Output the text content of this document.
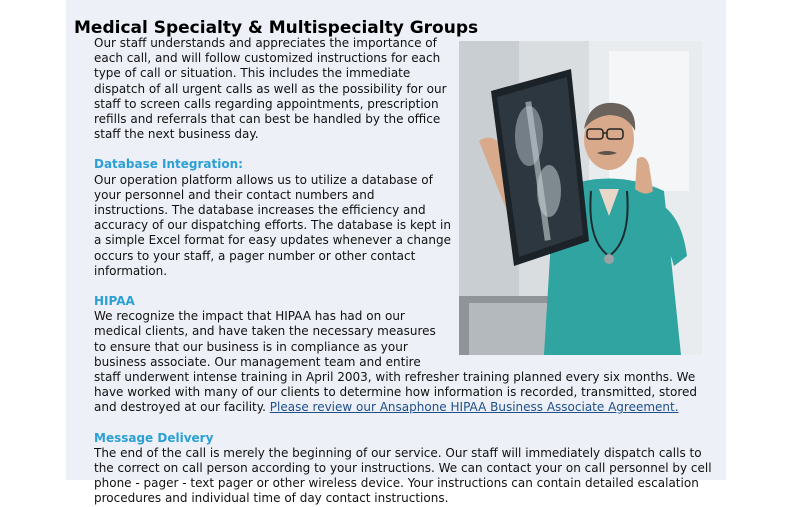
Medical Specialty & Multispecialty Groups

Our staff understands and appreciates the importance of each call, and will follow customized instructions for each type of call or situation. This includes the immediate dispatch of all urgent calls as well as the possibility for our staff to screen calls regarding appointments, prescription refills and referrals that can best be handled by the office staff the next business day.

Database Integration:

Our operation platform allows us to utilize a database of your personnel and their contact numbers and instructions. The database increases the efficiency and accuracy of our dispatching efforts. The database is kept in a simple Excel format for easy updates whenever a change occurs to your staff, a pager number or other contact information.

HIPAA

We recognize the impact that HIPAA has had on our medical clients, and have taken the necessary measures to ensure that our business is in compliance as your business associate. Our management team and entire staff underwent intense training in April 2003, with refresher training planned every six months. We have worked with many of our clients to determine how information is recorded, transmitted, stored and destroyed at our facility. Please review our Ansaphone HIPAA Business Associate Agreement.

Message Delivery

The end of the call is merely the beginning of our service. Our staff will immediately dispatch calls to the correct on call person according to your instructions. We can contact your on call personnel by cell phone - pager - text pager or other wireless device. Your instructions can contain detailed escalation procedures and individual time of day contact instructions.
